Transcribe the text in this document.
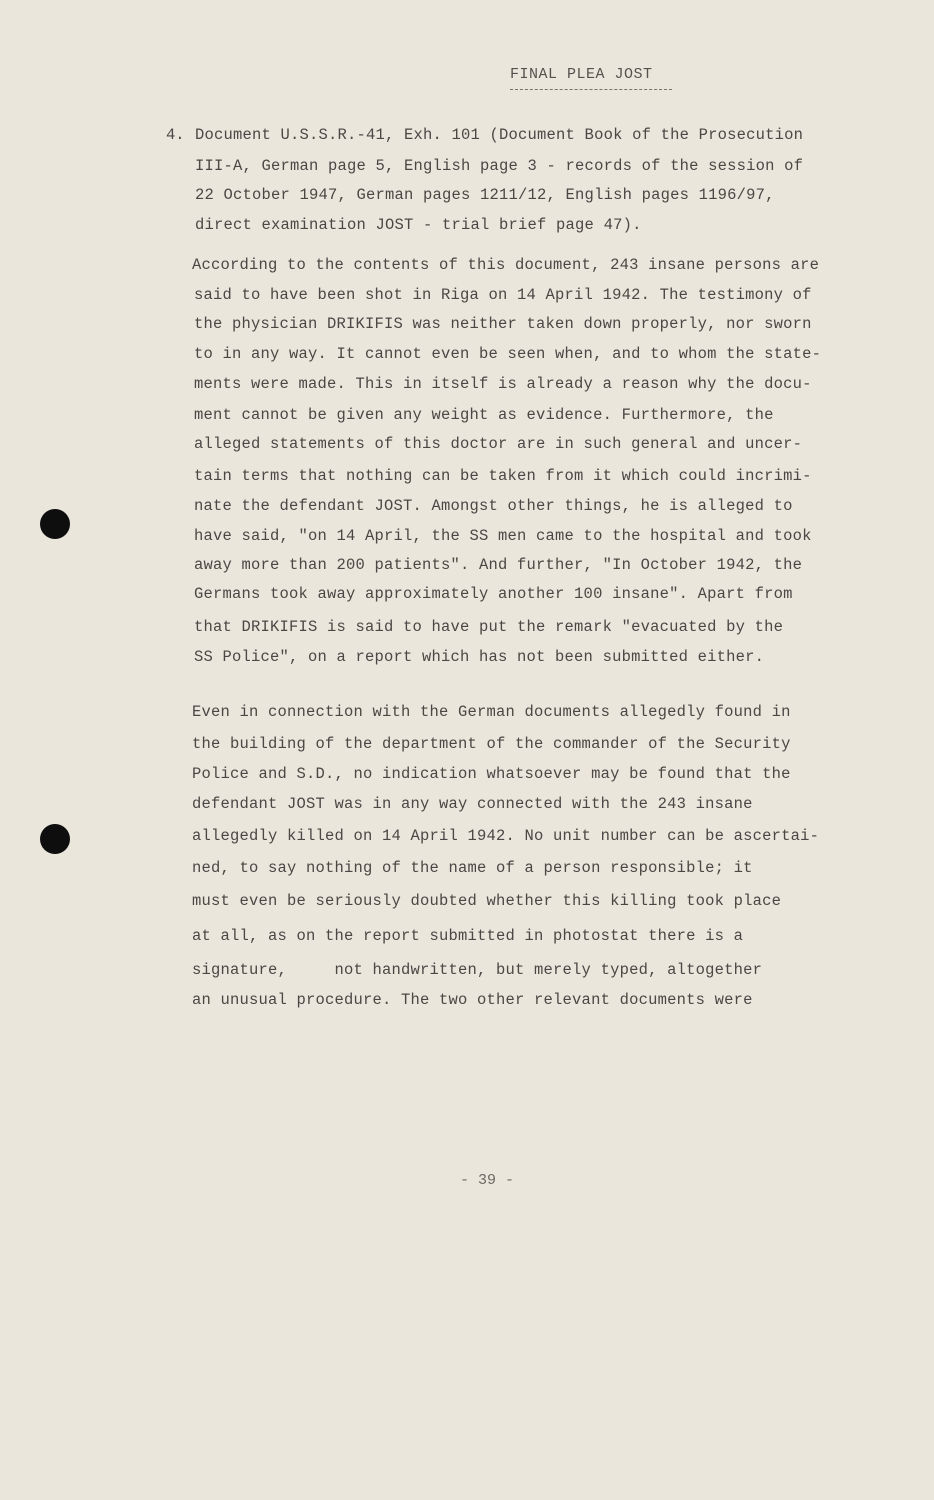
FINAL PLEA JOST
4. Document U.S.S.R.-41, Exh. 101 (Document Book of the Prosecution
III-A, German page 5, English page 3 - records of the session of
22 October 1947, German pages 1211/12, English pages 1196/97,
direct examination JOST - trial brief page 47).
According to the contents of this document, 243 insane persons are
said to have been shot in Riga on 14 April 1942. The testimony of
the physician DRIKIFIS was neither taken down properly, nor sworn
to in any way. It cannot even be seen when, and to whom the state-
ments were made. This in itself is already a reason why the docu-
ment cannot be given any weight as evidence. Furthermore, the
alleged statements of this doctor are in such general and uncer-
tain terms that nothing can be taken from it which could incrimi-
nate the defendant JOST. Amongst other things, he is alleged to
have said, "on 14 April, the SS men came to the hospital and took
away more than 200 patients". And further, "In October 1942, the
Germans took away approximately another 100 insane". Apart from
that DRIKIFIS is said to have put the remark "evacuated by the
SS Police", on a report which has not been submitted either.
Even in connection with the German documents allegedly found in
the building of the department of the commander of the Security
Police and S.D., no indication whatsoever may be found that the
defendant JOST was in any way connected with the 243 insane
allegedly killed on 14 April 1942. No unit number can be ascertai-
ned, to say nothing of the name of a person responsible; it
must even be seriously doubted whether this killing took place
at all, as on the report submitted in photostat there is a
signature,     not handwritten, but merely typed, altogether
an unusual procedure. The two other relevant documents were
- 39 -
